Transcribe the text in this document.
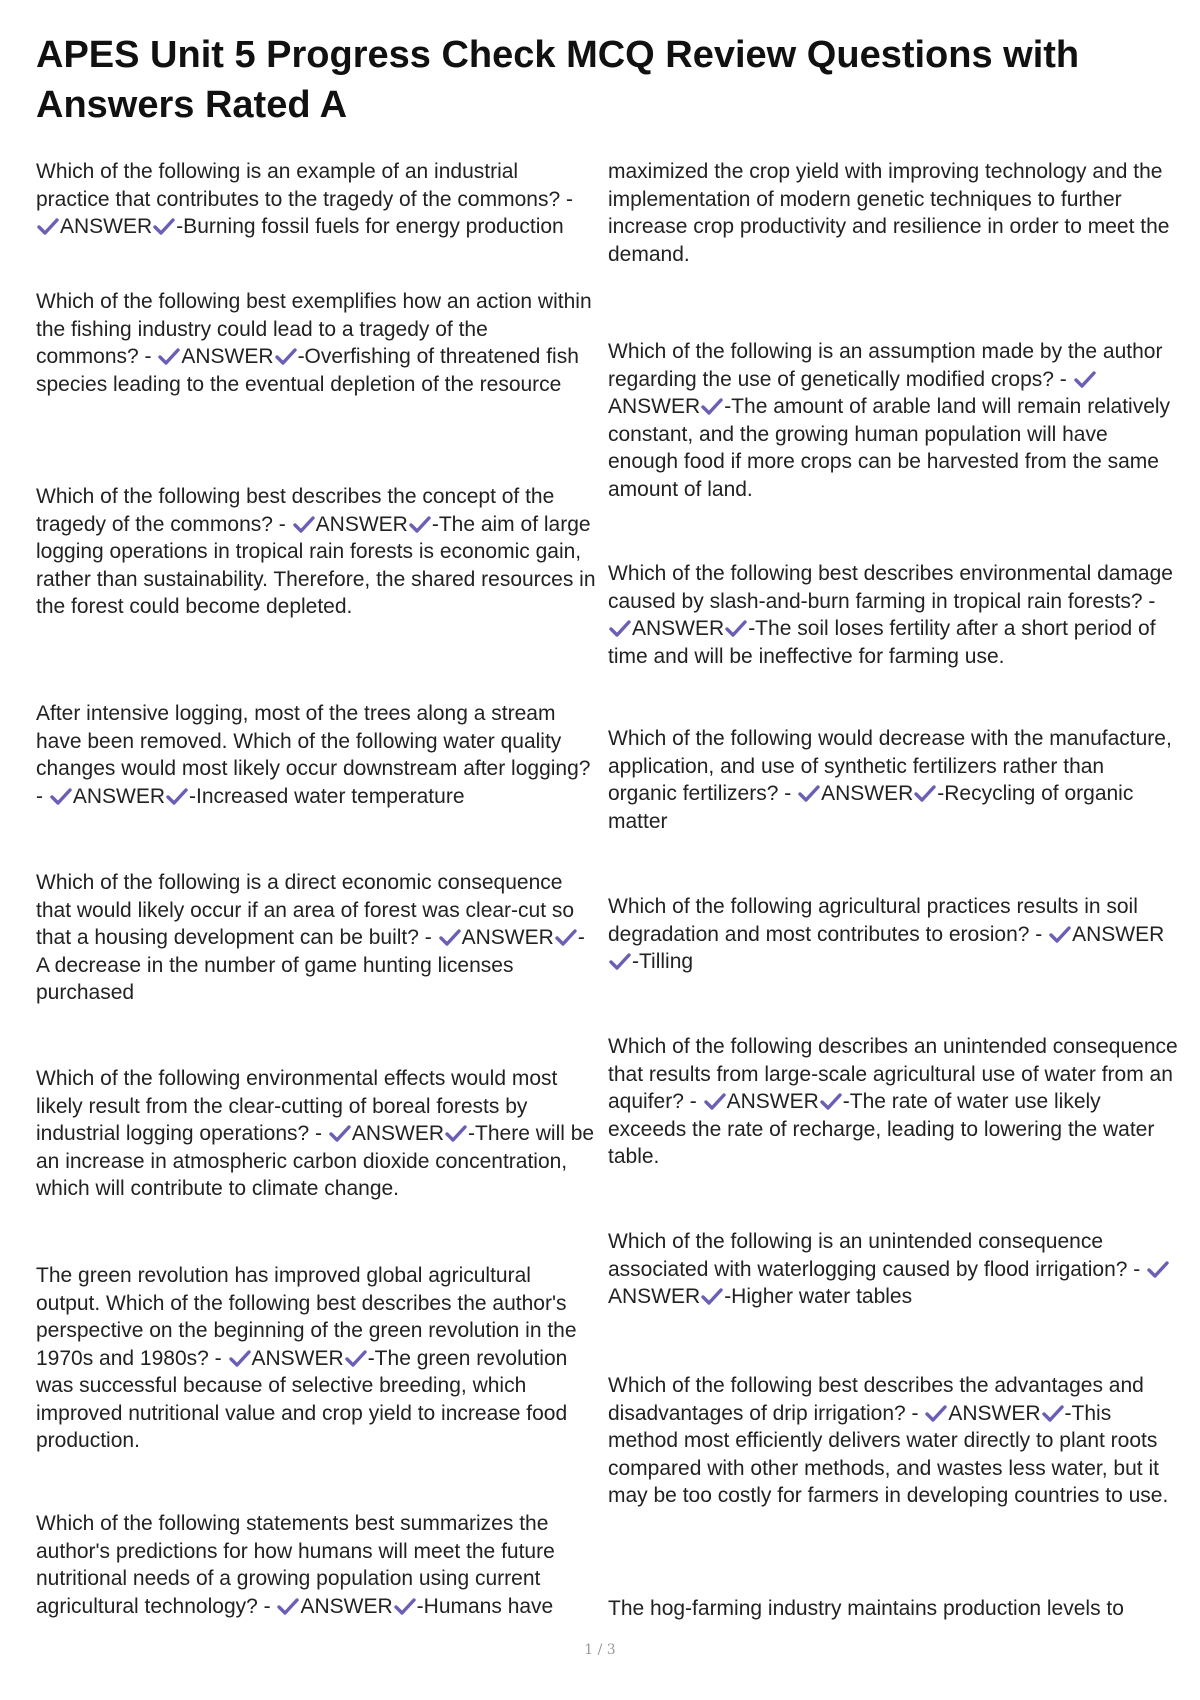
APES Unit 5 Progress Check MCQ Review Questions with Answers Rated A

Which of the following is an example of an industrial practice that contributes to the tragedy of the commons? -
ANSWER -Burning fossil fuels for energy production

Which of the following best exemplifies how an action within the fishing industry could lead to a tragedy of the commons? - ANSWER -Overfishing of threatened fish species leading to the eventual depletion of the resource

Which of the following best describes the concept of the tragedy of the commons? - ANSWER -The aim of large logging operations in tropical rain forests is economic gain, rather than sustainability. Therefore, the shared resources in the forest could become depleted.

After intensive logging, most of the trees along a stream have been removed. Which of the following water quality changes would most likely occur downstream after logging? - ANSWER -Increased water temperature

Which of the following is a direct economic consequence that would likely occur if an area of forest was clear-cut so that a housing development can be built? - ANSWER -A decrease in the number of game hunting licenses purchased

Which of the following environmental effects would most likely result from the clear-cutting of boreal forests by industrial logging operations? - ANSWER -There will be an increase in atmospheric carbon dioxide concentration, which will contribute to climate change.

The green revolution has improved global agricultural output. Which of the following best describes the author's perspective on the beginning of the green revolution in the 1970s and 1980s? - ANSWER -The green revolution was successful because of selective breeding, which improved nutritional value and crop yield to increase food production.

Which of the following statements best summarizes the author's predictions for how humans will meet the future nutritional needs of a growing population using current agricultural technology? - ANSWER -Humans have

maximized the crop yield with improving technology and the implementation of modern genetic techniques to further increase crop productivity and resilience in order to meet the demand.

Which of the following is an assumption made by the author regarding the use of genetically modified crops? -
ANSWER -The amount of arable land will remain relatively constant, and the growing human population will have enough food if more crops can be harvested from the same amount of land.

Which of the following best describes environmental damage caused by slash-and-burn farming in tropical rain forests? -
ANSWER -The soil loses fertility after a short period of time and will be ineffective for farming use.

Which of the following would decrease with the manufacture, application, and use of synthetic fertilizers rather than organic fertilizers? - ANSWER -Recycling of organic matter

Which of the following agricultural practices results in soil degradation and most contributes to erosion? - ANSWER
-Tilling

Which of the following describes an unintended consequence that results from large-scale agricultural use of water from an aquifer? - ANSWER -The rate of water use likely exceeds the rate of recharge, leading to lowering the water table.

Which of the following is an unintended consequence associated with waterlogging caused by flood irrigation? -
ANSWER -Higher water tables

Which of the following best describes the advantages and disadvantages of drip irrigation? - ANSWER -This method most efficiently delivers water directly to plant roots compared with other methods, and wastes less water, but it may be too costly for farmers in developing countries to use.

The hog-farming industry maintains production levels to

1 / 3
